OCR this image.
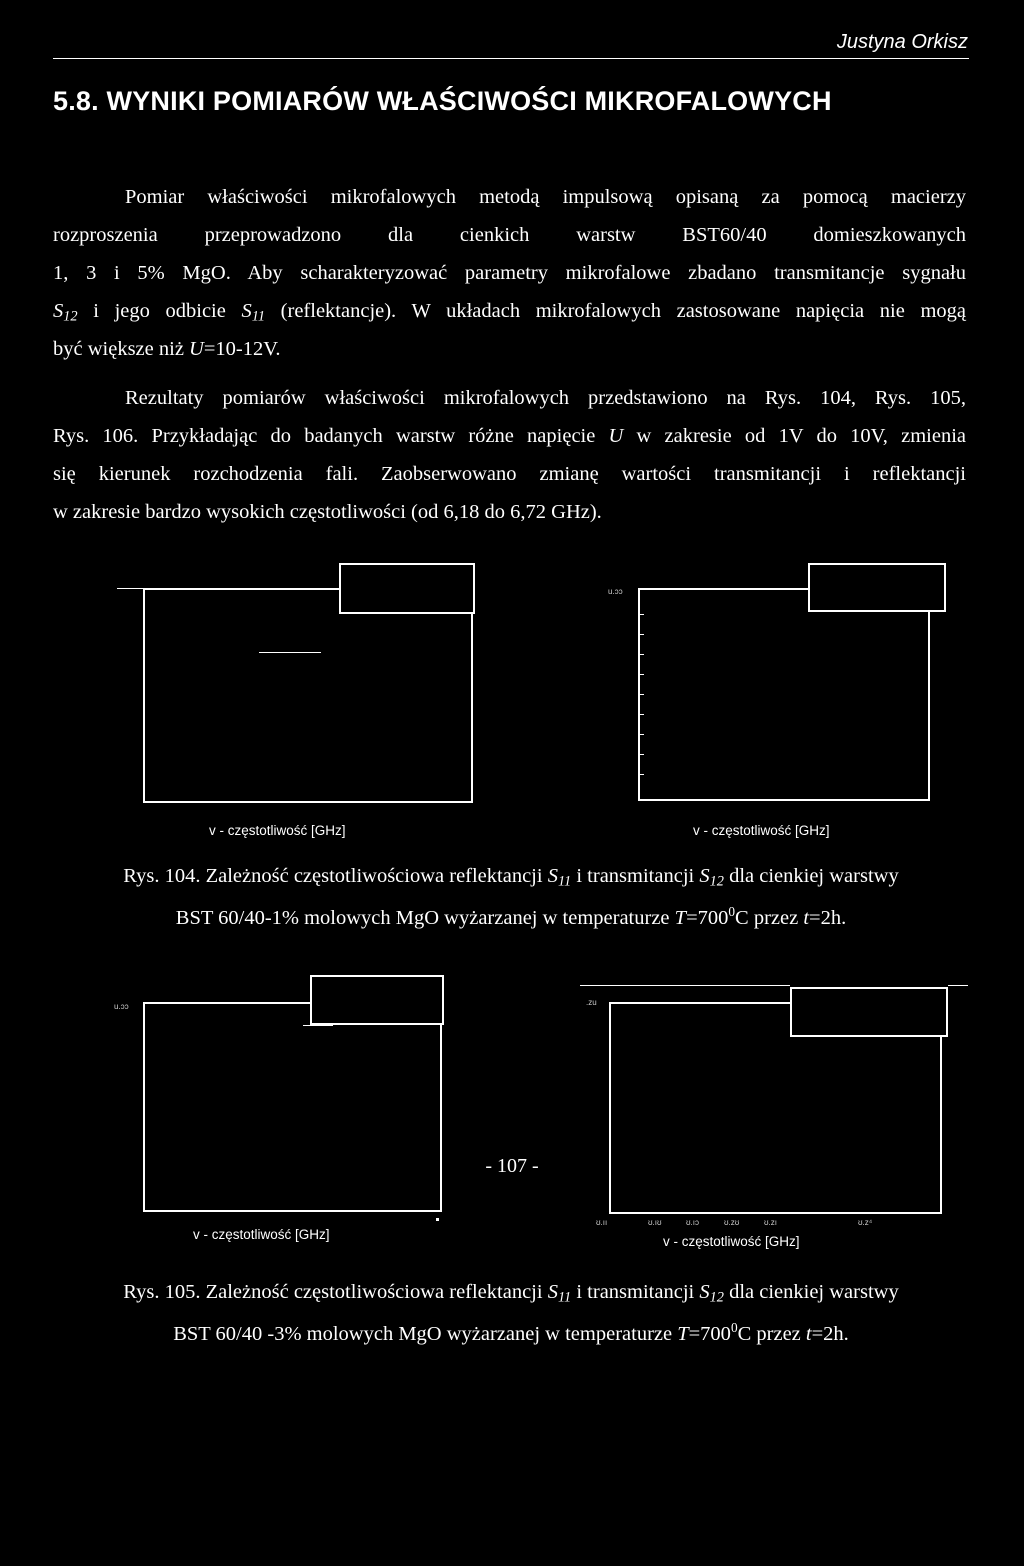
Justyna Orkisz
5.8. WYNIKI POMIARÓW WŁAŚCIWOŚCI MIKROFALOWYCH
Pomiar właściwości mikrofalowych metodą impulsową opisaną za pomocą macierzy
rozproszenia przeprowadzono dla cienkich warstw BST60/40 domieszkowanych
1, 3 i 5% MgO. Aby scharakteryzować parametry mikrofalowe zbadano transmitancje sygnału
$S_{12}$ i jego odbicie $S_{11}$ (reflektancje). W układach mikrofalowych zastosowane napięcia nie mogą
być większe niż U=10-12V.
Rezultaty pomiarów właściwości mikrofalowych przedstawiono na Rys. 104, Rys. 105,
Rys. 106. Przykładając do badanych warstw różne napięcie U w zakresie od 1V do 10V, zmienia
się kierunek rozchodzenia fali. Zaobserwowano zmianę wartości transmitancji i reflektancji
w zakresie bardzo wysokich częstotliwości (od 6,18 do 6,72 GHz).
v - częstotliwość [GHz]
u.ɔɔ
v - częstotliwość [GHz]
Rys. 104. Zależność częstotliwościowa reflektancji $S_{11}$ i transmitancji $S_{12}$ dla cienkiej warstwy
BST 60/40-1% molowych MgO wyżarzanej w temperaturze $T=700^0C$ przez t=2h.
u.ɔɔ
v - częstotliwość [GHz]
.zu
ʊ.ıı	ʊ.ıʊ	ʊ.ıɔ	ʊ.zʊ	ʊ.zı	ʊ.z⁴
v - częstotliwość [GHz]
Rys. 105. Zależność częstotliwościowa reflektancji $S_{11}$ i transmitancji $S_{12}$ dla cienkiej warstwy
BST 60/40 -3% molowych MgO wyżarzanej w temperaturze $T=700^0C$ przez t=2h.
- 107 -
